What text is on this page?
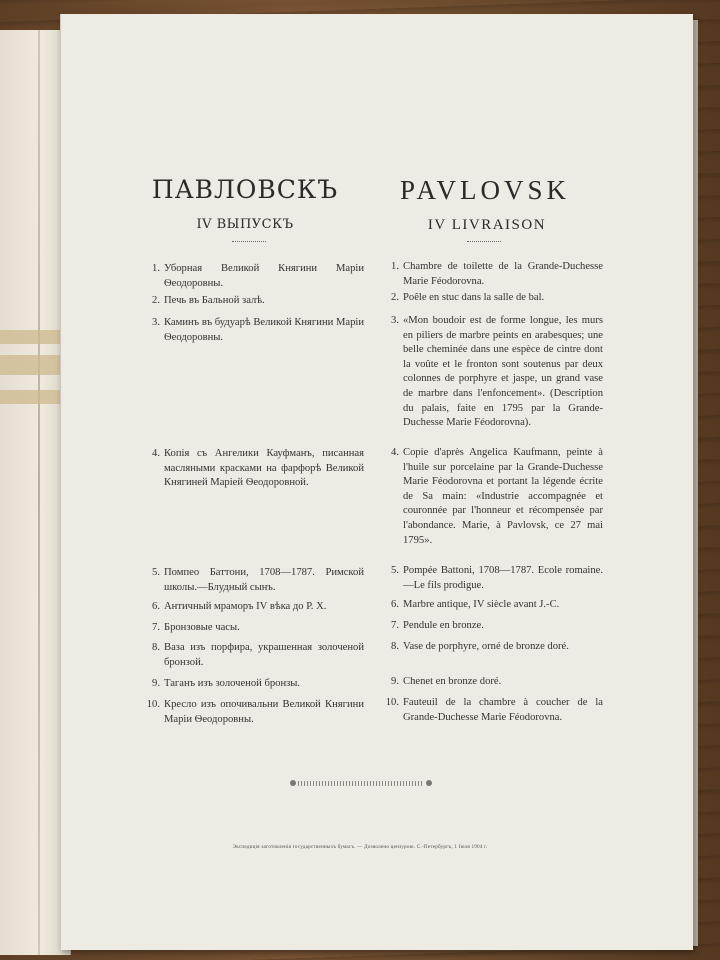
ПАВЛОВСКЪ	PAVLOVSK
IV ВЫПУСКЪ	IV LIVRAISON
1. Уборная Великой Княгини Маріи Ѳеодоровны.
2. Печь въ Бальной залѣ.
3. Каминъ въ будуарѣ Великой Княгини Маріи Ѳеодоровны.
4. Копія съ Ангелики Кауфманъ, писанная масляными красками на фарфорѣ Великой Княгиней Маріей Ѳеодоровной.
5. Помпео Баттони, 1708—1787. Римской школы.—Блудный сынъ.
6. Античный мраморъ IV вѣка до Р. Х.
7. Бронзовые часы.
8. Ваза изъ порфира, украшенная золоченой бронзой.
9. Таганъ изъ золоченой бронзы.
10. Кресло изъ опочивальни Великой Княгини Маріи Ѳеодоровны.
1. Chambre de toilette de la Grande-Duchesse Marie Féodorovna.
2. Poêle en stuc dans la salle de bal.
3. «Mon boudoir est de forme longue, les murs en piliers de marbre peints en arabesques; une belle cheminée dans une espèce de cintre dont la voûte et le fronton sont soutenus par deux colonnes de porphyre et jaspe, un grand vase de marbre dans l'enfoncement». (Description du palais, faite en 1795 par la Grande-Duchesse Marie Féodorovna).
4. Copie d'après Angelica Kaufmann, peinte à l'huile sur porcelaine par la Grande-Duchesse Marie Féodorovna et portant la légende écrite de Sa main: «Industrie accompagnée et couronnée par l'honneur et récompensée par l'abondance. Marie, à Pavlovsk, ce 27 mai 1795».
5. Pompée Battoni, 1708—1787. Ecole romaine.—Le fils prodigue.
6. Marbre antique, IV siècle avant J.-C.
7. Pendule en bronze.
8. Vase de porphyre, orné de bronze doré.
9. Chenet en bronze doré.
10. Fauteuil de la chambre à coucher de la Grande-Duchesse Marie Féodorovna.
Экспедиція заготовленія государственныхъ бумагъ. — Дозволено цензурою. С.-Петербургъ, 1 Іюля 1904 г.
